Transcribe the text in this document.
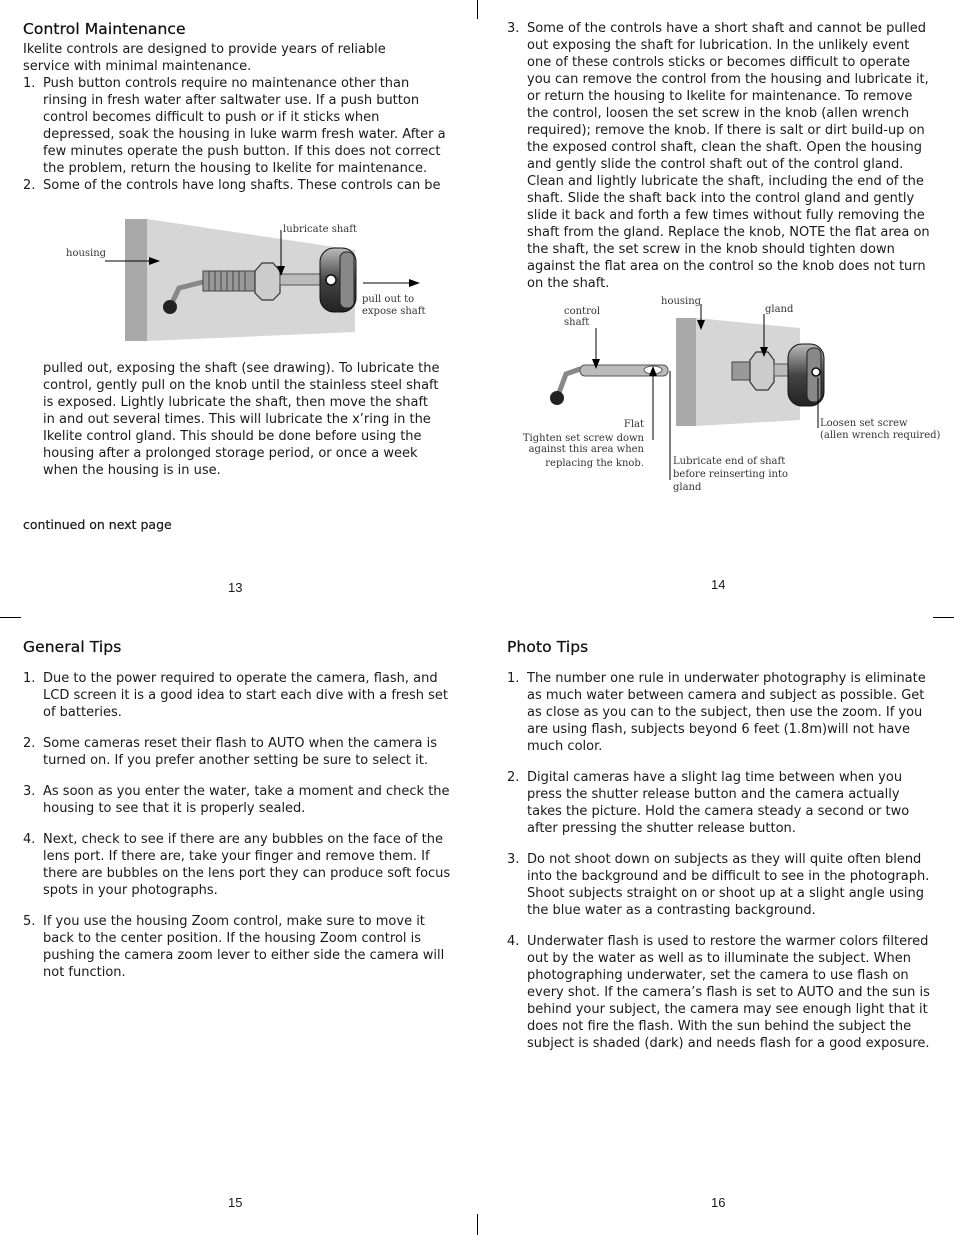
Control Maintenance

Ikelite controls are designed to provide years of reliable service with minimal maintenance.

1. Push button controls require no maintenance other than rinsing in fresh water after saltwater use. If a push button control becomes difficult to push or if it sticks when depressed, soak the housing in luke warm fresh water. After a few minutes operate the push button. If this does not correct the problem, return the housing to Ikelite for maintenance.
2. Some of the controls have long shafts. These controls can be
housing
lubricate shaft
pull out to
expose shaft

pulled out, exposing the shaft (see drawing). To lubricate the control, gently pull on the knob until the stainless steel shaft is exposed. Lightly lubricate the shaft, then move the shaft in and out several times. This will lubricate the x’ring in the Ikelite control gland. This should be done before using the housing after a prolonged storage period, or once a week when the housing is in use.

continued on next page
13
3. Some of the controls have a short shaft and cannot be pulled out exposing the shaft for lubrication. In the unlikely event one of these controls sticks or becomes difficult to operate you can remove the control from the housing and lubricate it, or return the housing to Ikelite for maintenance. To remove the control, loosen the set screw in the knob (allen wrench required); remove the knob. If there is salt or dirt build-up on the exposed control shaft, clean the shaft. Open the housing and gently slide the control shaft out of the control gland. Clean and lightly lubricate the shaft, including the end of the shaft. Slide the shaft back into the control gland and gently slide it back and forth a few times without fully removing the shaft from the gland. Replace the knob, NOTE the flat area on the shaft, the set screw in the knob should tighten down against the flat area on the control so the knob does not turn on the shaft.
control
shaft
housing
gland
Flat
Tighten set screw down
against this area when
replacing the knob.	Lubricate end of shaft
before reinserting into
gland
Loosen set screw
(allen wrench required)
14
General Tips
1. Due to the power required to operate the camera, flash, and LCD screen it is a good idea to start each dive with a fresh set of batteries.
2. Some cameras reset their flash to AUTO when the camera is turned on. If you prefer another setting be sure to select it.
3. As soon as you enter the water, take a moment and check the housing to see that it is properly sealed.
4. Next, check to see if there are any bubbles on the face of the lens port. If there are, take your finger and remove them. If there are bubbles on the lens port they can produce soft focus spots in your photographs.
5. If you use the housing Zoom control, make sure to move it back to the center position. If the housing Zoom control is pushing the camera zoom lever to either side the camera will not function.
15
Photo Tips
1. The number one rule in underwater photography is eliminate as much water between camera and subject as possible. Get as close as you can to the subject, then use the zoom. If you are using flash, subjects beyond 6 feet (1.8m)will not have much color.
2. Digital cameras have a slight lag time between when you press the shutter release button and the camera actually takes the picture. Hold the camera steady a second or two after pressing the shutter release button.
3. Do not shoot down on subjects as they will quite often blend into the background and be difficult to see in the photograph. Shoot subjects straight on or shoot up at a slight angle using the blue water as a contrasting background.
4. Underwater flash is used to restore the warmer colors filtered out by the water as well as to illuminate the subject. When photographing underwater, set the camera to use flash on every shot. If the camera’s flash is set to AUTO and the sun is behind your subject, the camera may see enough light that it does not fire the flash. With the sun behind the subject the subject is shaded (dark) and needs flash for a good exposure.
16
